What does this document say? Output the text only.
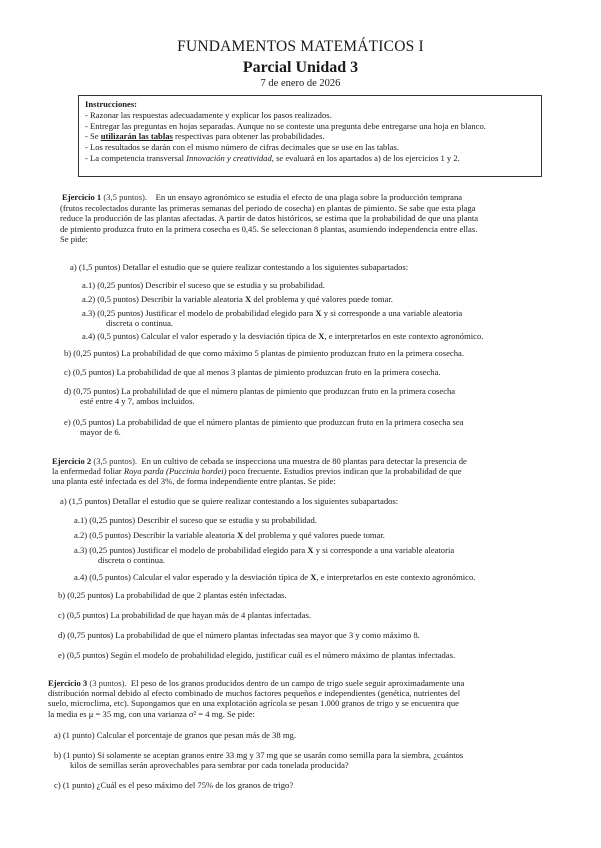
FUNDAMENTOS MATEMÁTICOS I
Parcial Unidad 3
7 de enero de 2026
Instrucciones:
- Razonar las respuestas adecuadamente y explicar los pasos realizados.
- Entregar las preguntas en hojas separadas. Aunque no se conteste una pregunta debe entregarse una hoja en blanco.
- Se utilizarán las tablas respectivas para obtener las probabilidades.
- Los resultados se darán con el mismo número de cifras decimales que se use en las tablas.
- La competencia transversal Innovación y creatividad, se evaluará en los apartados a) de los ejercicios 1 y 2.
Ejercicio 1 (3,5 puntos). En un ensayo agronómico se estudia el efecto de una plaga sobre la producción temprana
(frutos recolectados durante las primeras semanas del periodo de cosecha) en plantas de pimiento. Se sabe que esta plaga
reduce la producción de las plantas afectadas. A partir de datos históricos, se estima que la probabilidad de que una planta
de pimiento produzca fruto en la primera cosecha es 0,45. Se seleccionan 8 plantas, asumiendo independencia entre ellas.
Se pide:
a) (1,5 puntos) Detallar el estudio que se quiere realizar contestando a los siguientes subapartados:
a.1) (0,25 puntos) Describir el suceso que se estudia y su probabilidad.
a.2) (0,5 puntos) Describir la variable aleatoria X del problema y qué valores puede tomar.
a.3) (0,25 puntos) Justificar el modelo de probabilidad elegido para X y si corresponde a una variable aleatoria
discreta o continua.
a.4) (0,5 puntos) Calcular el valor esperado y la desviación típica de X, e interpretarlos en este contexto agronómico.
b) (0,25 puntos) La probabilidad de que como máximo 5 plantas de pimiento produzcan fruto en la primera cosecha.
c) (0,5 puntos) La probabilidad de que al menos 3 plantas de pimiento produzcan fruto en la primera cosecha.
d) (0,75 puntos) La probabilidad de que el número plantas de pimiento que produzcan fruto en la primera cosecha
esté entre 4 y 7, ambos incluidos.
e) (0,5 puntos) La probabilidad de que el número plantas de pimiento que produzcan fruto en la primera cosecha sea
mayor de 6.
Ejercicio 2 (3,5 puntos). En un cultivo de cebada se inspecciona una muestra de 80 plantas para detectar la presencia de
la enfermedad foliar Roya parda (Puccinia hordei) poco frecuente. Estudios previos indican que la probabilidad de que
una planta esté infectada es del 3%, de forma independiente entre plantas. Se pide:
a) (1,5 puntos) Detallar el estudio que se quiere realizar contestando a los siguientes subapartados:
a.1) (0,25 puntos) Describir el suceso que se estudia y su probabilidad.
a.2) (0,5 puntos) Describir la variable aleatoria X del problema y qué valores puede tomar.
a.3) (0,25 puntos) Justificar el modelo de probabilidad elegido para X y si corresponde a una variable aleatoria
discreta o continua.
a.4) (0,5 puntos) Calcular el valor esperado y la desviación típica de X, e interpretarlos en este contexto agronómico.
b) (0,25 puntos) La probabilidad de que 2 plantas estén infectadas.
c) (0,5 puntos) La probabilidad de que hayan más de 4 plantas infectadas.
d) (0,75 puntos) La probabilidad de que el número plantas infectadas sea mayor que 3 y como máximo 8.
e) (0,5 puntos) Según el modelo de probabilidad elegido, justificar cuál es el número máximo de plantas infectadas.
Ejercicio 3 (3 puntos). El peso de los granos producidos dentro de un campo de trigo suele seguir aproximadamente una
distribución normal debido al efecto combinado de muchos factores pequeños e independientes (genética, nutrientes del
suelo, microclima, etc). Supongamos que en una explotación agrícola se pesan 1.000 granos de trigo y se encuentra que
la media es μ = 35 mg, con una varianza σ² = 4 mg. Se pide:
a) (1 punto) Calcular el porcentaje de granos que pesan más de 38 mg.
b) (1 punto) Si solamente se aceptan granos entre 33 mg y 37 mg que se usarán como semilla para la siembra, ¿cuántos
kilos de semillas serán aprovechables para sembrar por cada tonelada producida?
c) (1 punto) ¿Cuál es el peso máximo del 75% de los granos de trigo?
